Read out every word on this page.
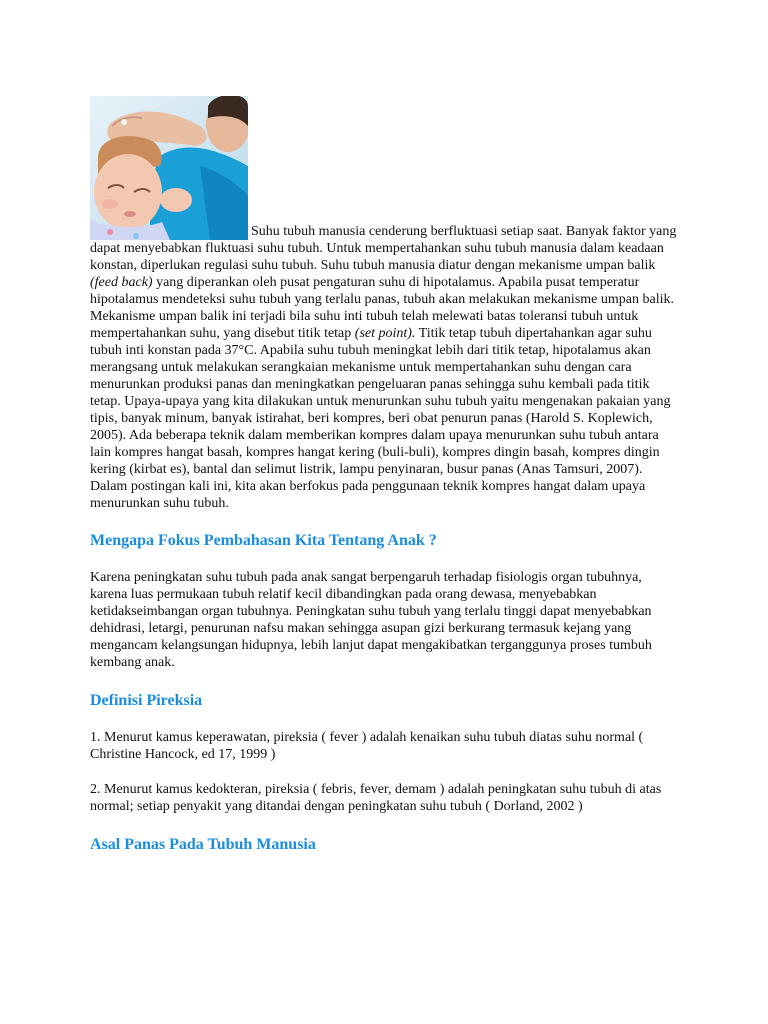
Suhu tubuh manusia cenderung berfluktuasi setiap saat. Banyak faktor yang dapat menyebabkan fluktuasi suhu tubuh. Untuk mempertahankan suhu tubuh manusia dalam keadaan konstan, diperlukan regulasi suhu tubuh. Suhu tubuh manusia diatur dengan mekanisme umpan balik (feed back) yang diperankan oleh pusat pengaturan suhu di hipotalamus. Apabila pusat temperatur hipotalamus mendeteksi suhu tubuh yang terlalu panas, tubuh akan melakukan mekanisme umpan balik. Mekanisme umpan balik ini terjadi bila suhu inti tubuh telah melewati batas toleransi tubuh untuk mempertahankan suhu, yang disebut titik tetap (set point). Titik tetap tubuh dipertahankan agar suhu tubuh inti konstan pada 37°C. Apabila suhu tubuh meningkat lebih dari titik tetap, hipotalamus akan merangsang untuk melakukan serangkaian mekanisme untuk mempertahankan suhu dengan cara menurunkan produksi panas dan meningkatkan pengeluaran panas sehingga suhu kembali pada titik tetap. Upaya-upaya yang kita dilakukan untuk menurunkan suhu tubuh yaitu mengenakan pakaian yang tipis, banyak minum, banyak istirahat, beri kompres, beri obat penurun panas (Harold S. Koplewich, 2005). Ada beberapa teknik dalam memberikan kompres dalam upaya menurunkan suhu tubuh antara lain kompres hangat basah, kompres hangat kering (buli-buli), kompres dingin basah, kompres dingin kering (kirbat es), bantal dan selimut listrik, lampu penyinaran, busur panas (Anas Tamsuri, 2007). Dalam postingan kali ini, kita akan berfokus pada penggunaan teknik kompres hangat dalam upaya menurunkan suhu tubuh.

Mengapa Fokus Pembahasan Kita Tentang Anak ?

Karena peningkatan suhu tubuh pada anak sangat berpengaruh terhadap fisiologis organ tubuhnya, karena luas permukaan tubuh relatif kecil dibandingkan pada orang dewasa, menyebabkan ketidakseimbangan organ tubuhnya. Peningkatan suhu tubuh yang terlalu tinggi dapat menyebabkan dehidrasi, letargi, penurunan nafsu makan sehingga asupan gizi berkurang termasuk kejang yang mengancam kelangsungan hidupnya, lebih lanjut dapat mengakibatkan terganggunya proses tumbuh kembang anak.

Definisi Pireksia

1. Menurut kamus keperawatan, pireksia ( fever ) adalah kenaikan suhu tubuh diatas suhu normal ( Christine Hancock, ed 17, 1999 )

2. Menurut kamus kedokteran, pireksia ( febris, fever, demam ) adalah peningkatan suhu tubuh di atas normal; setiap penyakit yang ditandai dengan peningkatan suhu tubuh ( Dorland, 2002 )

Asal Panas Pada Tubuh Manusia
